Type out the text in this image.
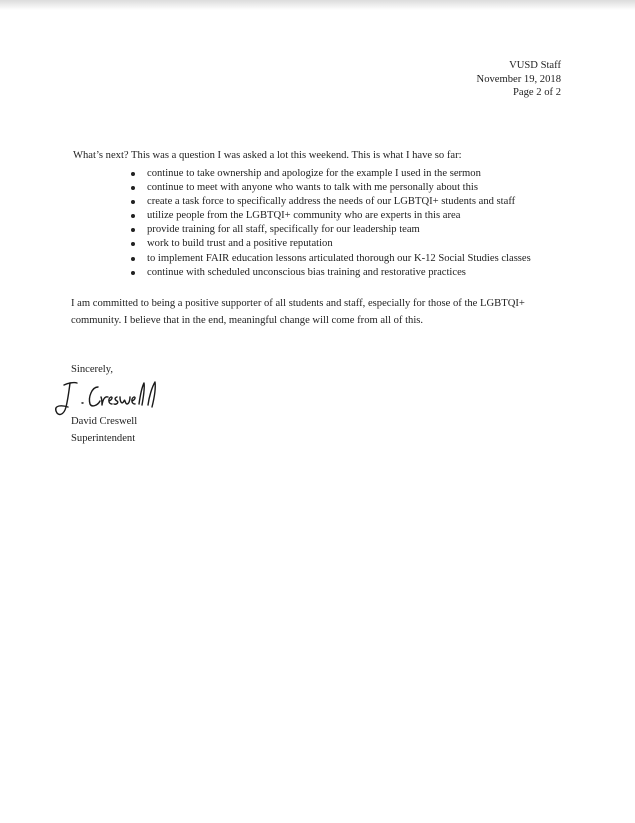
VUSD Staff
November 19, 2018
Page 2 of 2
What’s next? This was a question I was asked a lot this weekend. This is what I have so far:
continue to take ownership and apologize for the example I used in the sermon
continue to meet with anyone who wants to talk with me personally about this
create a task force to specifically address the needs of our LGBTQI+ students and staff
utilize people from the LGBTQI+ community who are experts in this area
provide training for all staff, specifically for our leadership team
work to build trust and a positive reputation
to implement FAIR education lessons articulated thorough our K-12 Social Studies classes
continue with scheduled unconscious bias training and restorative practices
I am committed to being a positive supporter of all students and staff, especially for those of the LGBTQI+
community. I believe that in the end, meaningful change will come from all of this.
Sincerely,
David Creswell
Superintendent
